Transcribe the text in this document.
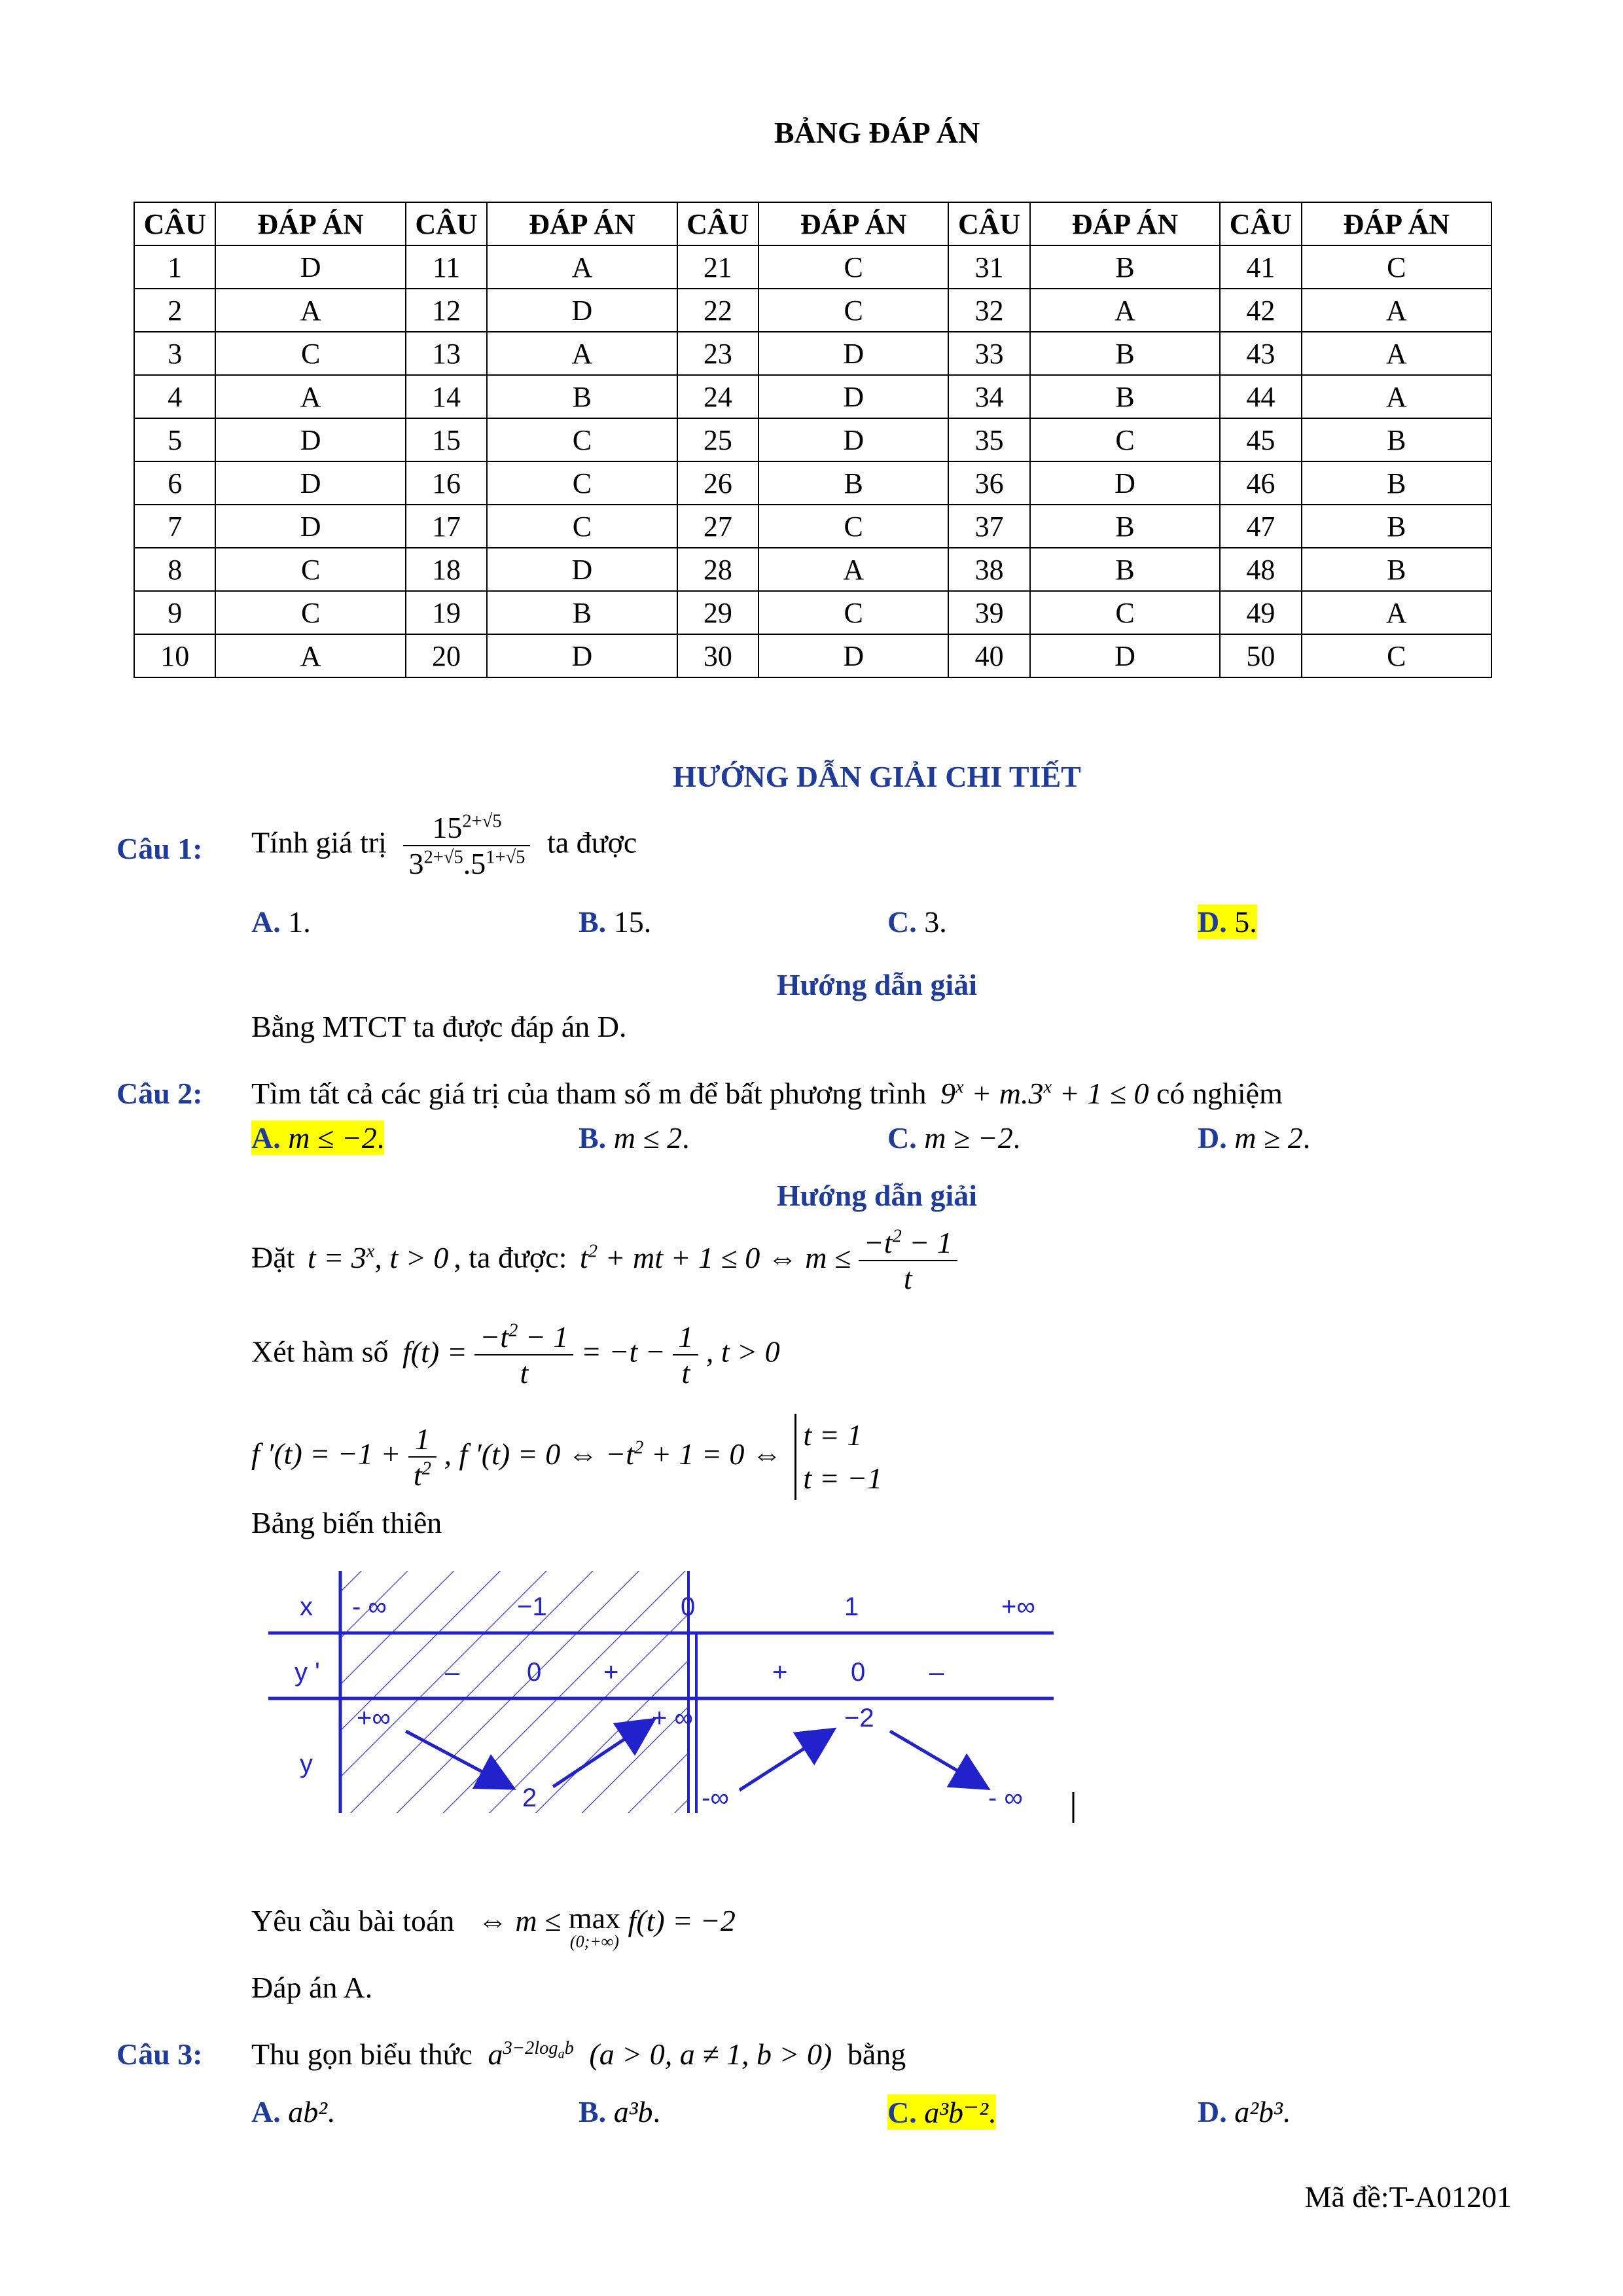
BẢNG ĐÁP ÁN
CÂU	ĐÁP ÁN	CÂU	ĐÁP ÁN	CÂU	ĐÁP ÁN	CÂU	ĐÁP ÁN	CÂU	ĐÁP ÁN
1	D	11	A	21	C	31	B	41	C
2	A	12	D	22	C	32	A	42	A
3	C	13	A	23	D	33	B	43	A
4	A	14	B	24	D	34	B	44	A
5	D	15	C	25	D	35	C	45	B
6	D	16	C	26	B	36	D	46	B
7	D	17	C	27	C	37	B	47	B
8	C	18	D	28	A	38	B	48	B
9	C	19	B	29	C	39	C	49	A
10	A	20	D	30	D	40	D	50	C
HƯỚNG DẪN GIẢI CHI TIẾT
Câu 1: Tính giá trị $\frac{15^{2+√5}}{3^{2+√5}.5^{1+√5}}$ ta được
A. 1.	B. 15.	C. 3.	D. 5.
Hướng dẫn giải
Bằng MTCT ta được đáp án D.
Câu 2: Tìm tất cả các giá trị của tham số m để bất phương trình $9^x + m.3^x + 1 \le 0$ có nghiệm
A. m ≤ −2.	B. m ≤ 2.	C. m ≥ −2.	D. m ≥ 2.
Hướng dẫn giải
Đặt $t = 3^x$, t > 0 , ta được: $t^2$ + mt + 1 ≤ 0 ⇔ $m \le \frac{-t^2 - 1}{t}$
Xét hàm số $f(t) = \frac{-t^2 - 1}{t} = -t - \frac{1}{t}$ , t > 0
f $'(t) = -1 + \frac{1}{t^2}$ , f ′(t) = 0 ⇔ $-t^2 + 1 = 0$ ⇔
t = 1
t = −1
Bảng biến thiên
x
y '
y
- ∞	−1	0	1	+∞
–	0 +	+ 0 –
+∞
2
+ ∞
-∞
−2
- ∞
Yêu cầu bài toán ⇔ m ≤ max
(0;+∞)
f(t) = −2
Đáp án A.
Câu 3: Thu gọn biểu thức $a^{3-2log_ab}$ (a > 0, a ≠ 1, b > 0) bằng
A. ab².	B. a³b.	C. a³b⁻².	D. a²b³.
Mã đề:T-A01201
